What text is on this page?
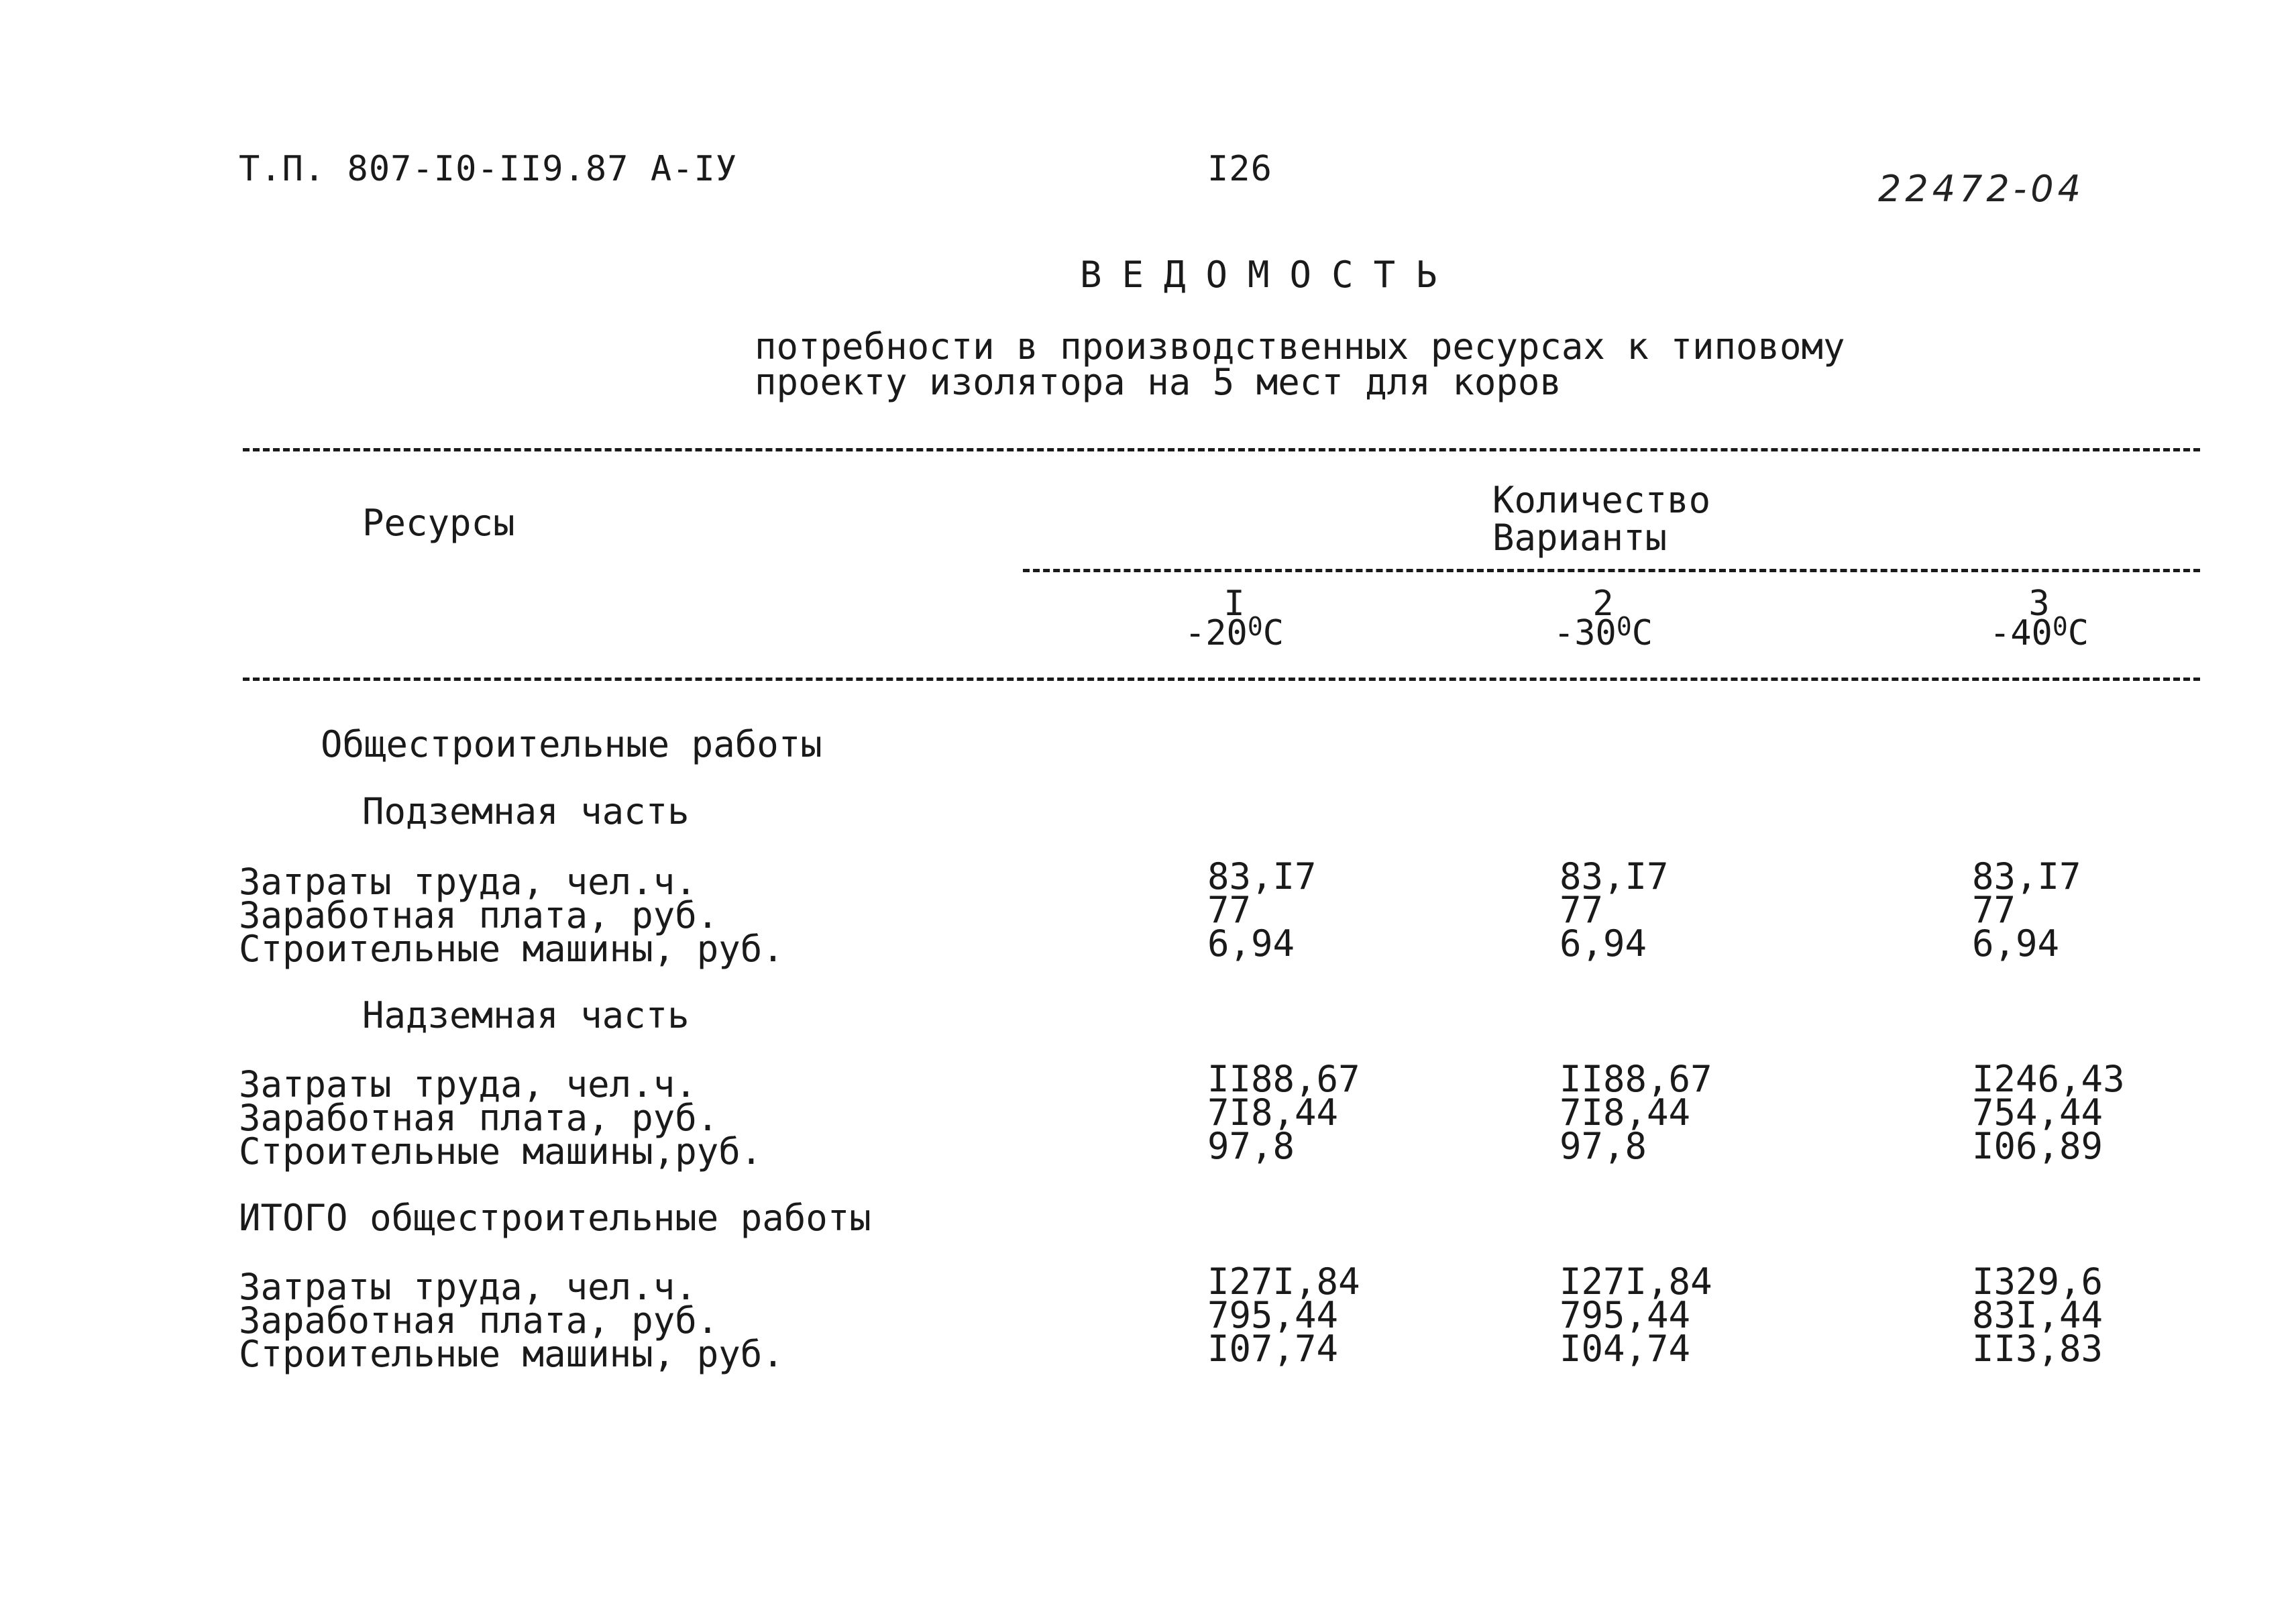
Т.П. 807-I0-II9.87 А-IУ	I26	22472-04
ВЕДОМОСТЬ
потребности в производственных ресурсах к типовому
проекту изолятора на 5 мест для коров
Ресурсы
Количество
Варианты
I
$-20^0C$
2
$-30^0C$
3
$-40^0C$
Общестроительные работы
Подземная часть
Затраты труда, чел.ч.
Заработная плата, руб.
Строительные машины, руб.
83,I7
77
6,94
83,I7
77
6,94
83,I7
77
6,94
Надземная часть
Затраты труда, чел.ч.
Заработная плата, руб.
Строительные машины,руб.
II88,67
7I8,44
97,8
II88,67
7I8,44
97,8
I246,43
754,44
I06,89
ИТОГО общестроительные работы
Затраты труда, чел.ч.
Заработная плата, руб.
Строительные машины, руб.
I27I,84
795,44
I07,74
I27I,84
795,44
I04,74
I329,6
83I,44
II3,83
